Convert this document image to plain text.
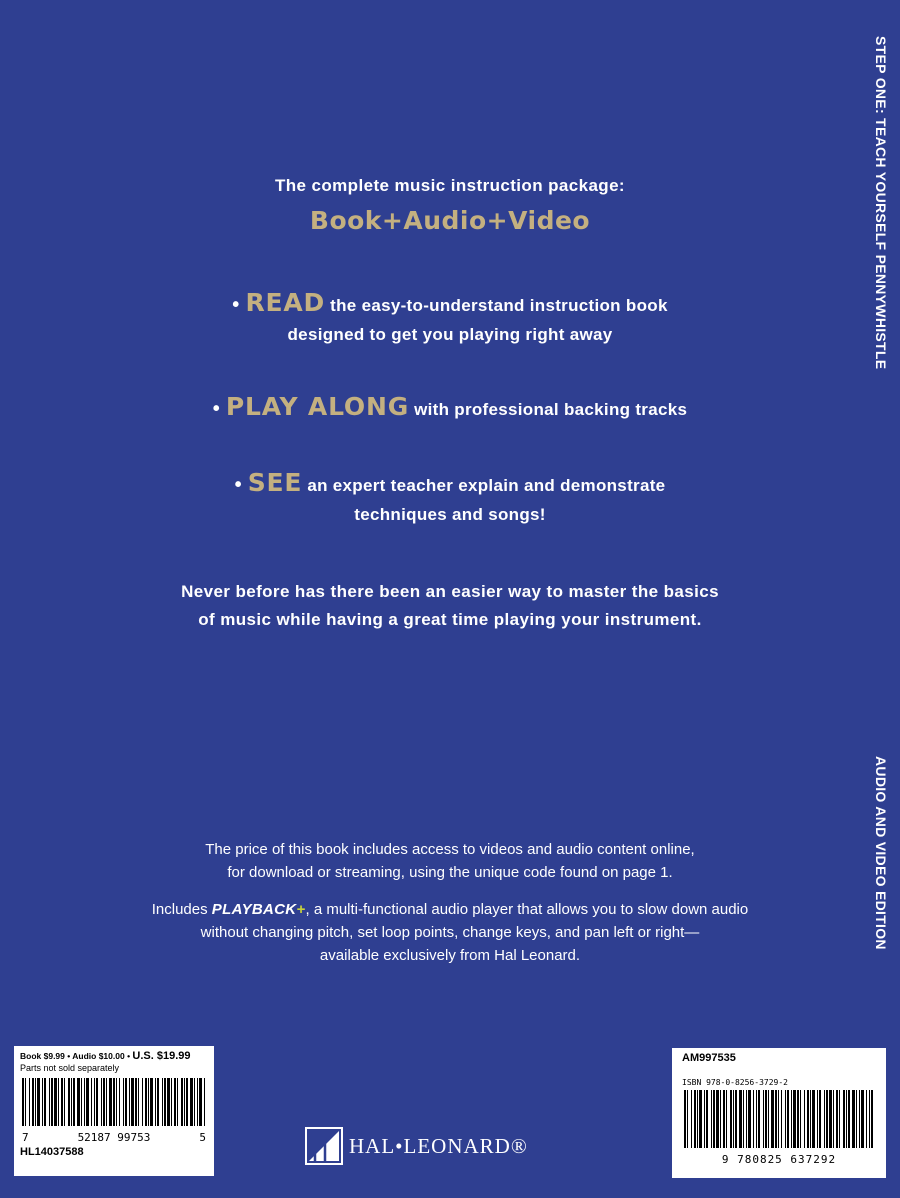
STEP ONE: TEACH YOURSELF PENNYWHISTLE
AUDIO AND VIDEO EDITION
The complete music instruction package:
Book+Audio+Video
• READ the easy-to-understand instruction book
designed to get you playing right away
• PLAY ALONG with professional backing tracks
• SEE an expert teacher explain and demonstrate
techniques and songs!
Never before has there been an easier way to master the basics
of music while having a great time playing your instrument.
The price of this book includes access to videos and audio content online,
for download or streaming, using the unique code found on page 1.
Includes PLAYBACK+, a multi-functional audio player that allows you to slow down audio
without changing pitch, set loop points, change keys, and pan left or right—
available exclusively from Hal Leonard.
Book $9.99 • Audio $10.00 • U.S. $19.99
Parts not sold separately
7	52187 99753	5
HL14037588	HAL•LEONARD®
AM997535
ISBN 978-0-8256-3729-2
9 780825 637292
